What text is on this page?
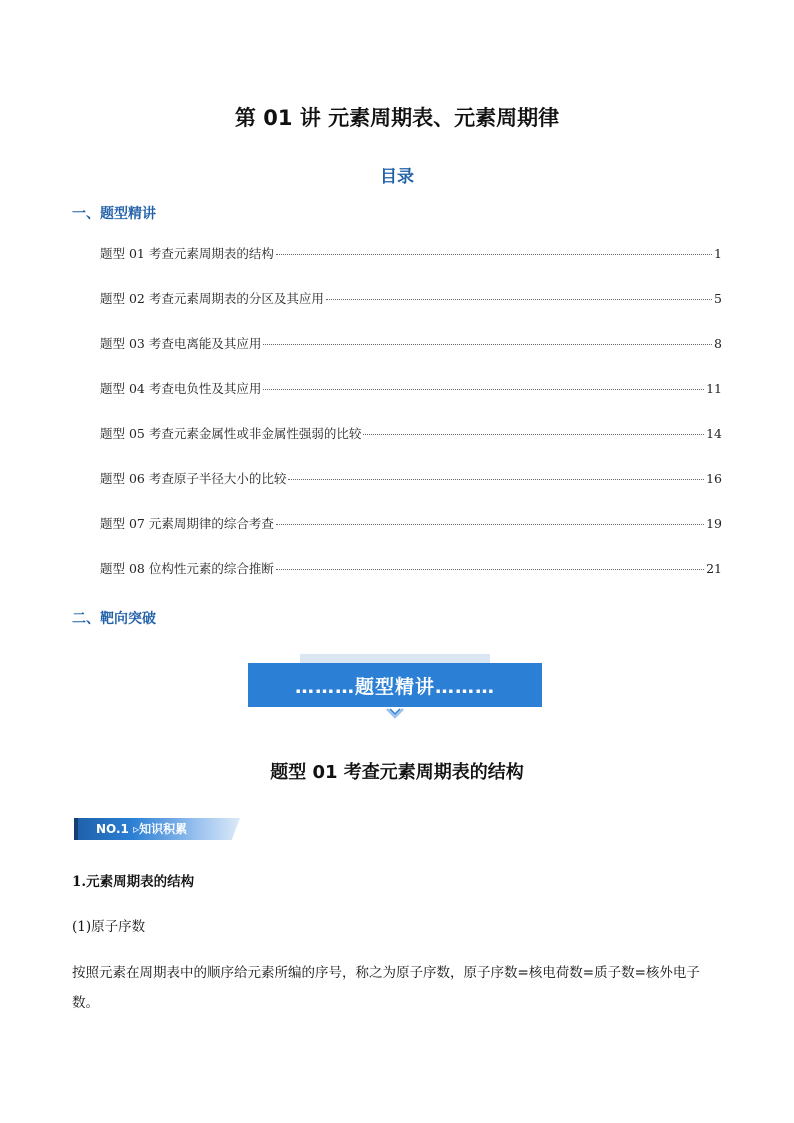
第 01 讲 元素周期表、元素周期律
目录
一、题型精讲
题型 01 考查元素周期表的结构	1
题型 02 考查元素周期表的分区及其应用	5
题型 03 考查电离能及其应用	8
题型 04 考查电负性及其应用	11
题型 05 考查元素金属性或非金属性强弱的比较	14
题型 06 考查原子半径大小的比较	16
题型 07 元素周期律的综合考查	19
题型 08 位构性元素的综合推断	21
二、靶向突破
………题型精讲………
题型 01 考查元素周期表的结构
NO.1 ▹知识积累
1.元素周期表的结构
(1)原子序数
按照元素在周期表中的顺序给元素所编的序号，称之为原子序数，原子序数=核电荷数=质子数=核外电子数。
